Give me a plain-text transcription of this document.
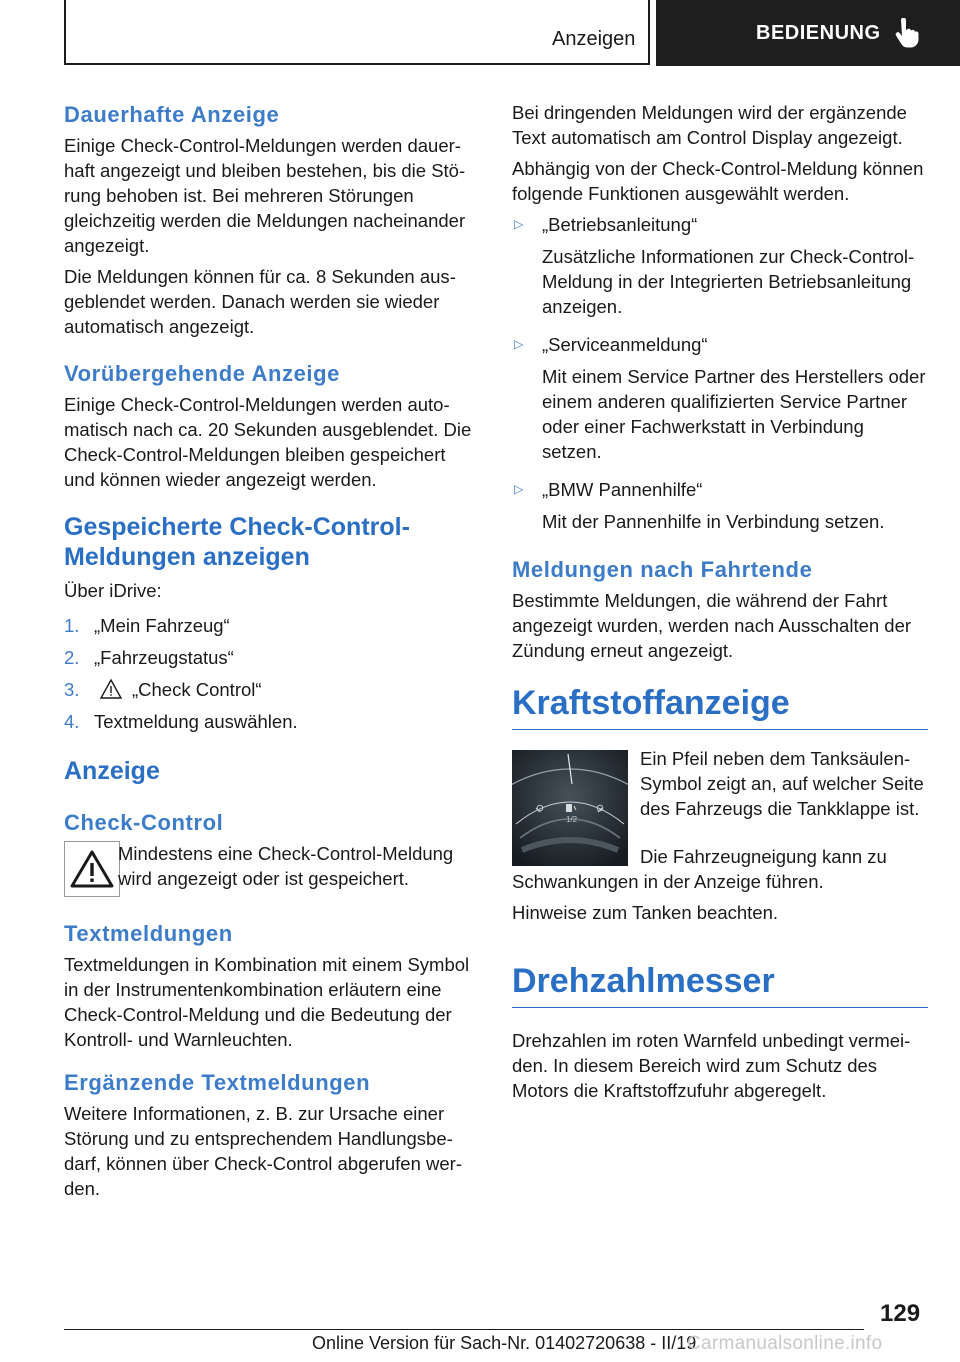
Anzeigen	BEDIENUNG
Dauerhafte Anzeige

Einige Check-Control-Meldungen werden dauerhaft angezeigt und bleiben bestehen, bis die Störung behoben ist. Bei mehreren Störungen gleichzeitig werden die Meldungen nacheinander angezeigt.

Die Meldungen können für ca. 8 Sekunden ausgeblendet werden. Danach werden sie wieder automatisch angezeigt.

Vorübergehende Anzeige

Einige Check-Control-Meldungen werden automatisch nach ca. 20 Sekunden ausgeblendet. Die Check-Control-Meldungen bleiben gespeichert und können wieder angezeigt werden.

Gespeicherte Check-Control-Meldungen anzeigen

Über iDrive:

1. „Mein Fahrzeug“
2. „Fahrzeugstatus“
3.	„Check Control“
4. Textmeldung auswählen.
Anzeige
Check-Control

Mindestens eine Check-Control-Meldung wird angezeigt oder ist gespeichert.

Textmeldungen

Textmeldungen in Kombination mit einem Symbol in der Instrumentenkombination erläutern eine Check-Control-Meldung und die Bedeutung der Kontroll- und Warnleuchten.

Ergänzende Textmeldungen

Weitere Informationen, z. B. zur Ursache einer Störung und zu entsprechendem Handlungsbedarf, können über Check-Control abgerufen werden.

Bei dringenden Meldungen wird der ergänzende Text automatisch am Control Display angezeigt.

Abhängig von der Check-Control-Meldung können folgende Funktionen ausgewählt werden.

▷	„Betriebsanleitung“

Zusätzliche Informationen zur Check-Control-Meldung in der Integrierten Betriebsanleitung anzeigen.

▷	„Serviceanmeldung“

Mit einem Service Partner des Herstellers oder einem anderen qualifizierten Service Partner oder einer Fachwerkstatt in Verbindung setzen.

▷	„BMW Pannenhilfe“

Mit der Pannenhilfe in Verbindung setzen.

Meldungen nach Fahrtende

Bestimmte Meldungen, die während der Fahrt angezeigt wurden, werden nach Ausschalten der Zündung erneut angezeigt.

Kraftstoffanzeige
1/2

Ein Pfeil neben dem Tanksäulen-Symbol zeigt an, auf welcher Seite des Fahrzeugs die Tankklappe ist.

Die Fahrzeugneigung kann zu Schwankungen in der Anzeige führen.

Hinweise zum Tanken beachten.

Drehzahlmesser

Drehzahlen im roten Warnfeld unbedingt vermeiden. In diesem Bereich wird zum Schutz des Motors die Kraftstoffzufuhr abgeregelt.

129
Online Version für Sach-Nr. 01402720638 - II/19
Carmanualsonline.info
